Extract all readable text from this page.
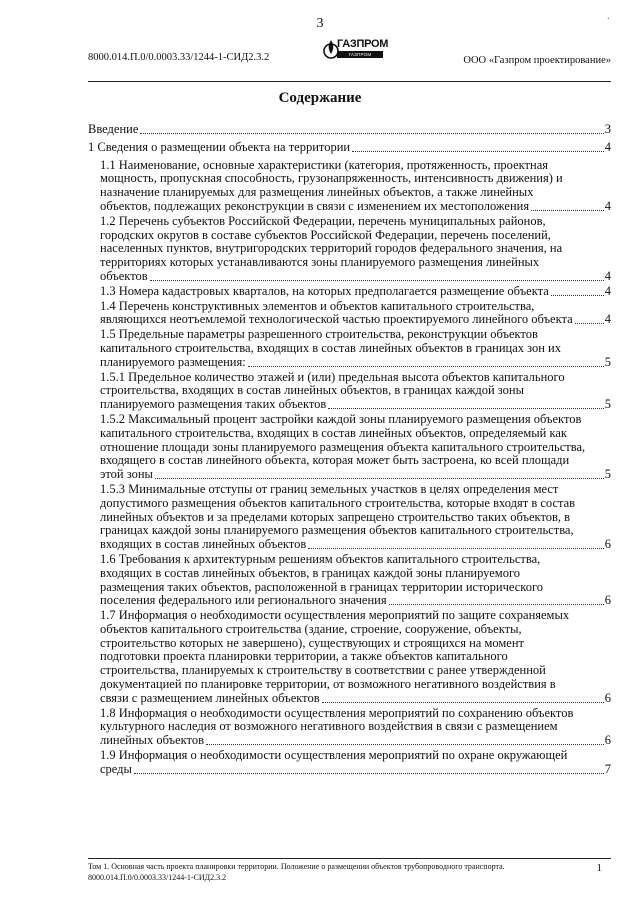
3	·
8000.014.П.0/0.0003.33/1244-1-СИД2.3.2
ГАЗПРОМ
ГАЗПРОМ ПРОЕКТИРОВАНИЕ	ООО «Газпром проектирование»
Содержание
Введение	3
1 Сведения о размещении объекта на территории	4
1.1 Наименование, основные характеристики (категория, протяженность, проектная
мощность, пропускная способность, грузонапряженность, интенсивность движения) и
назначение планируемых для размещения линейных объектов, а также линейных
объектов, подлежащих реконструкции в связи с изменением их местоположения	4
1.2 Перечень субъектов Российской Федерации, перечень муниципальных районов,
городских округов в составе субъектов Российской Федерации, перечень поселений,
населенных пунктов, внутригородских территорий городов федерального значения, на
территориях которых устанавливаются зоны планируемого размещения линейных
объектов	4
1.3 Номера кадастровых кварталов, на которых предполагается размещение объекта	4
1.4 Перечень конструктивных элементов и объектов капитального строительства,
являющихся неотъемлемой технологической частью проектируемого линейного объекта	4
1.5 Предельные параметры разрешенного строительства, реконструкции объектов
капитального строительства, входящих в состав линейных объектов в границах зон их
планируемого размещения:	5
1.5.1 Предельное количество этажей и (или) предельная высота объектов капитального
строительства, входящих в состав линейных объектов, в границах каждой зоны
планируемого размещения таких объектов	5
1.5.2 Максимальный процент застройки каждой зоны планируемого размещения объектов
капитального строительства, входящих в состав линейных объектов, определяемый как
отношение площади зоны планируемого размещения объекта капитального строительства,
входящего в состав линейного объекта, которая может быть застроена, ко всей площади
этой зоны	5
1.5.3 Минимальные отступы от границ земельных участков в целях определения мест
допустимого размещения объектов капитального строительства, которые входят в состав
линейных объектов и за пределами которых запрещено строительство таких объектов, в
границах каждой зоны планируемого размещения объектов капитального строительства,
входящих в состав линейных объектов	6
1.6 Требования к архитектурным решениям объектов капитального строительства,
входящих в состав линейных объектов, в границах каждой зоны планируемого
размещения таких объектов, расположенной в границах территории исторического
поселения федерального или регионального значения	6
1.7 Информация о необходимости осуществления мероприятий по защите сохраняемых
объектов капитального строительства (здание, строение, сооружение, объекты,
строительство которых не завершено), существующих и строящихся на момент
подготовки проекта планировки территории, а также объектов капитального
строительства, планируемых к строительству в соответствии с ранее утвержденной
документацией по планировке территории, от возможного негативного воздействия в
связи с размещением линейных объектов	6
1.8 Информация о необходимости осуществления мероприятий по сохранению объектов
культурного наследия от возможного негативного воздействия в связи с размещением
линейных объектов	6
1.9 Информация о необходимости осуществления мероприятий по охране окружающей
среды	7
Том 1. Основная часть проекта планировки территории. Положение о размещении объектов трубопроводного транспорта.
8000.014.П.0/0.0003.33/1244-1-СИД2.3.2
1
